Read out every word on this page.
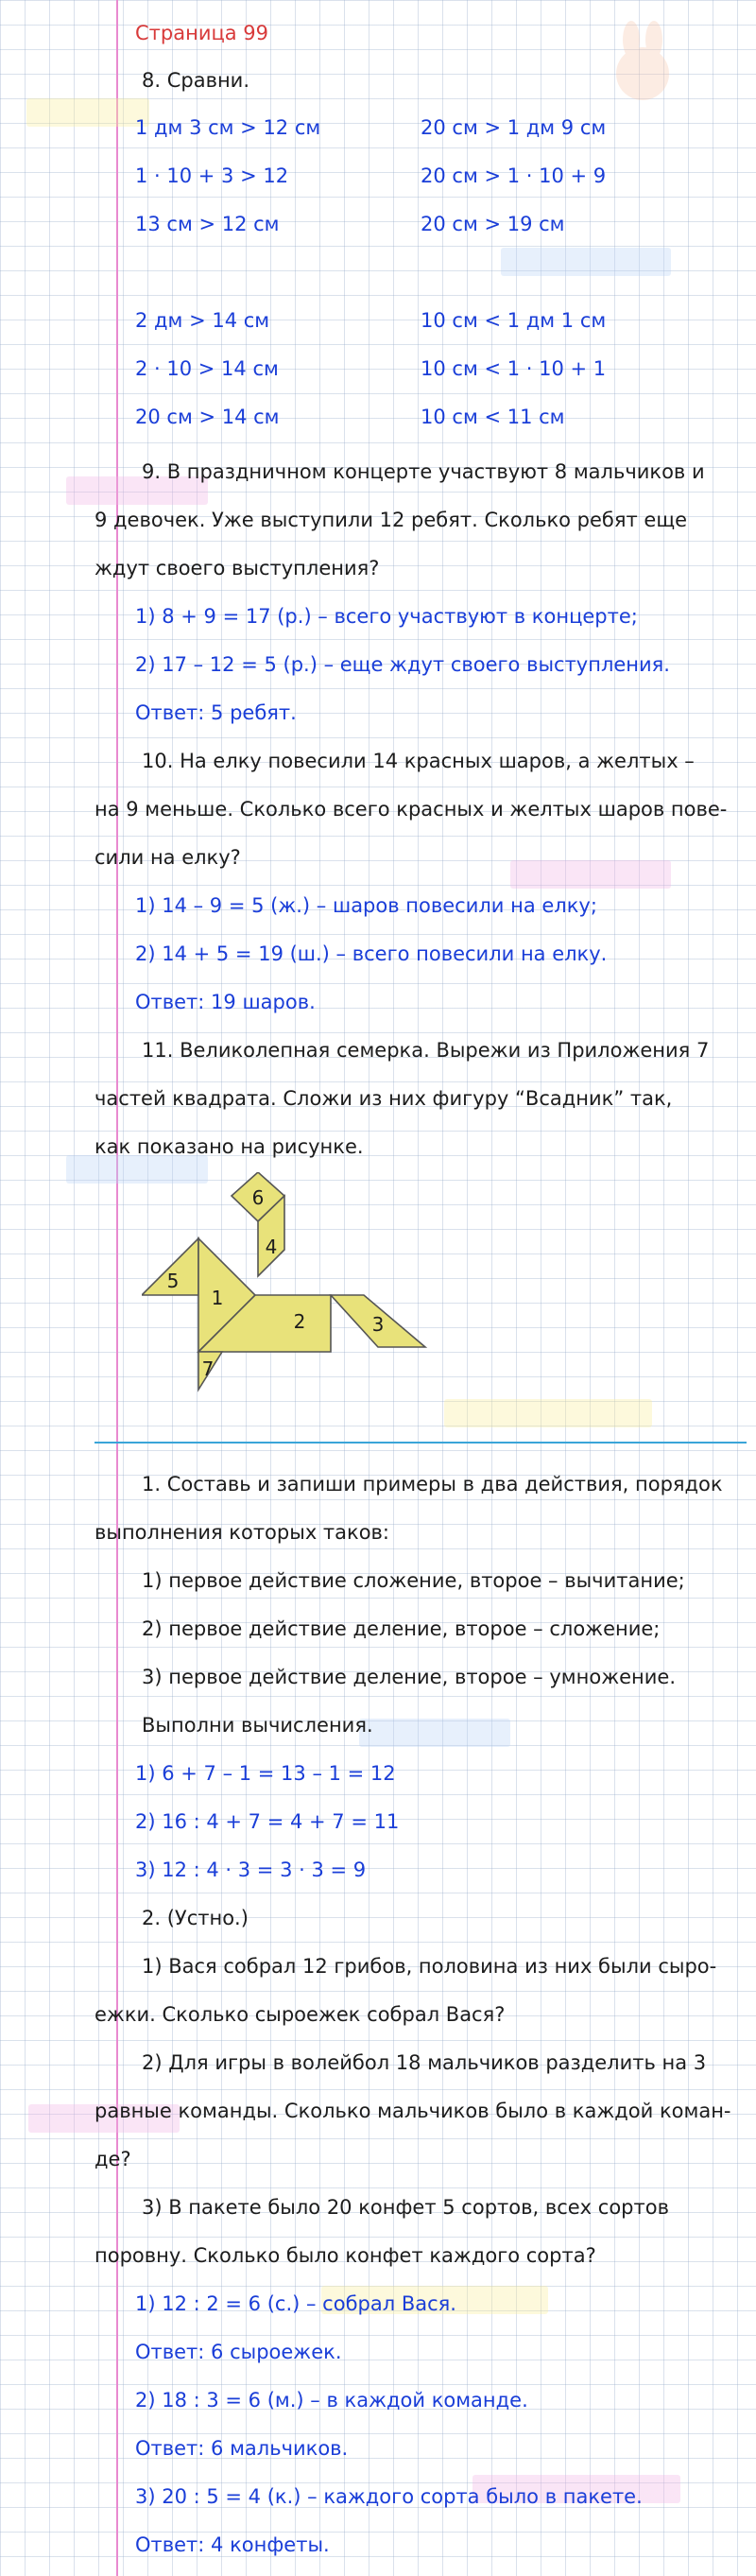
Страница 99
8. Сравни.
1 дм 3 см > 12 см	20 см > 1 дм 9 см
1 · 10 + 3 > 12	20 см > 1 · 10 + 9
13 см > 12 см	20 см > 19 см
2 дм > 14 см	10 см < 1 дм 1 см
2 · 10 > 14 см	10 см < 1 · 10 + 1
20 см > 14 см	10 см < 11 см
9. В праздничном концерте участвуют 8 мальчиков и
9 девочек. Уже выступили 12 ребят. Сколько ребят еще
ждут своего выступления?
1) 8 + 9 = 17 (р.) – всего участвуют в концерте;
2) 17 – 12 = 5 (р.) – еще ждут своего выступления.
Ответ: 5 ребят.
10. На елку повесили 14 красных шаров, а желтых –
на 9 меньше. Сколько всего красных и желтых шаров пове-
сили на елку?
1) 14 – 9 = 5 (ж.) – шаров повесили на елку;
2) 14 + 5 = 19 (ш.) – всего повесили на елку.
Ответ: 19 шаров.
11. Великолепная семерка. Вырежи из Приложения 7
частей квадрата. Сложи из них фигуру “Всадник” так,
как показано на рисунке.
6
4
5
1
2	3
7
1. Составь и запиши примеры в два действия, порядок
выполнения которых таков:
1) первое действие сложение, второе – вычитание;
2) первое действие деление, второе – сложение;
3) первое действие деление, второе – умножение.
Выполни вычисления.
1) 6 + 7 – 1 = 13 – 1 = 12
2) 16 : 4 + 7 = 4 + 7 = 11
3) 12 : 4 · 3 = 3 · 3 = 9
2. (Устно.)
1) Вася собрал 12 грибов, половина из них были сыро-
ежки. Сколько сыроежек собрал Вася?
2) Для игры в волейбол 18 мальчиков разделить на 3
равные команды. Сколько мальчиков было в каждой коман-
де?
3) В пакете было 20 конфет 5 сортов, всех сортов
поровну. Сколько было конфет каждого сорта?
1) 12 : 2 = 6 (с.) – собрал Вася.
Ответ: 6 сыроежек.
2) 18 : 3 = 6 (м.) – в каждой команде.
Ответ: 6 мальчиков.
3) 20 : 5 = 4 (к.) – каждого сорта было в пакете.
Ответ: 4 конфеты.
